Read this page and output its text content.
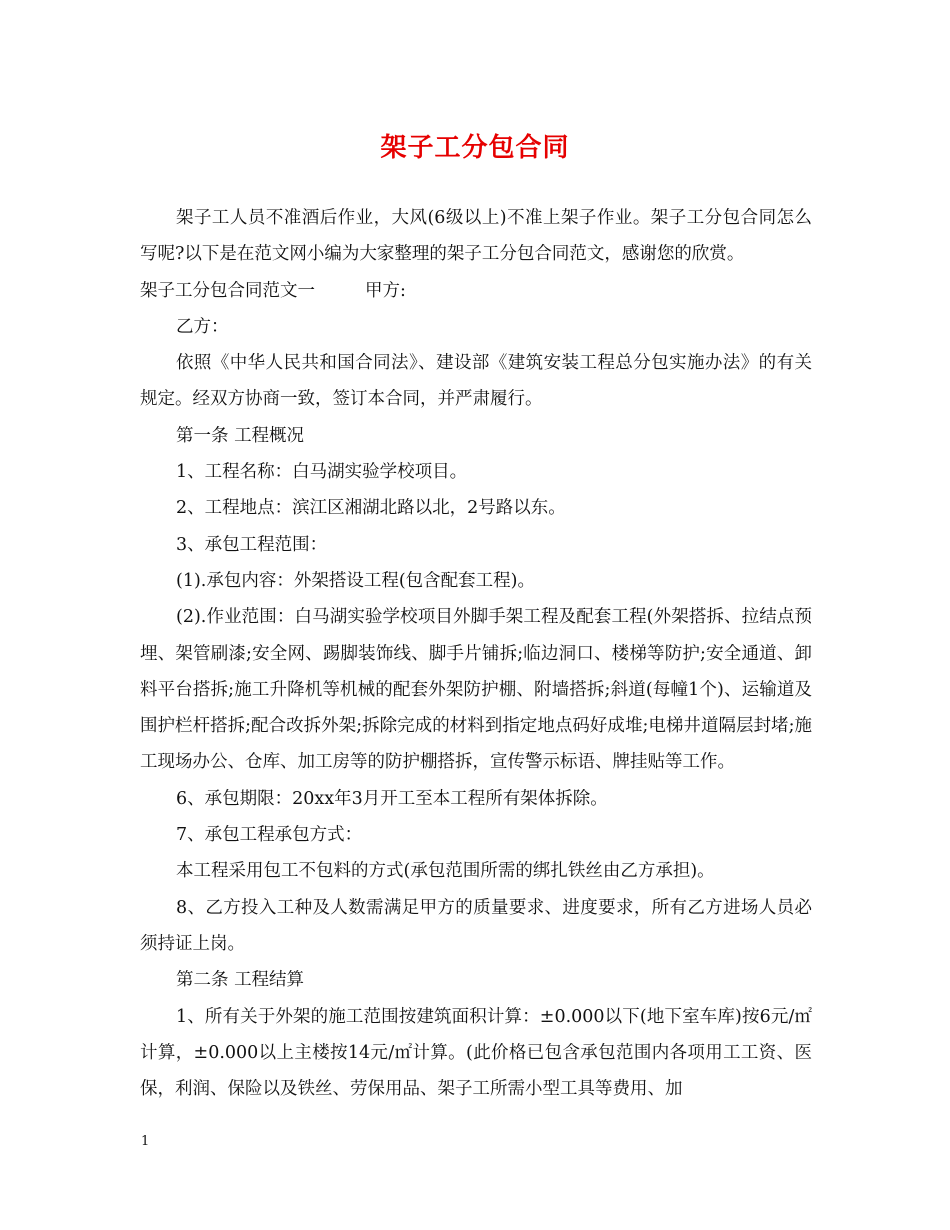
架子工分包合同

架子工人员不准酒后作业，大风(6级以上)不准上架子作业。架子工分包合同怎么写呢?以下是在范文网小编为大家整理的架子工分包合同范文，感谢您的欣赏。

架子工分包合同范文一	甲方:

乙方：

依照《中华人民共和国合同法》、建设部《建筑安装工程总分包实施办法》的有关规定。经双方协商一致，签订本合同，并严肃履行。

第一条 工程概况

1、工程名称：白马湖实验学校项目。

2、工程地点：滨江区湘湖北路以北，2号路以东。

3、承包工程范围：

(1).承包内容：外架搭设工程(包含配套工程)。

(2).作业范围：白马湖实验学校项目外脚手架工程及配套工程(外架搭拆、拉结点预埋、架管刷漆;安全网、踢脚装饰线、脚手片铺拆;临边洞口、楼梯等防护;安全通道、卸料平台搭拆;施工升降机等机械的配套外架防护棚、附墙搭拆;斜道(每幢1个)、运输道及围护栏杆搭拆;配合改拆外架;拆除完成的材料到指定地点码好成堆;电梯井道隔层封堵;施工现场办公、仓库、加工房等的防护棚搭拆，宣传警示标语、牌挂贴等工作。

6、承包期限：20xx年3月开工至本工程所有架体拆除。

7、承包工程承包方式：

本工程采用包工不包料的方式(承包范围所需的绑扎铁丝由乙方承担)。

8、乙方投入工种及人数需满足甲方的质量要求、进度要求，所有乙方进场人员必须持证上岗。

第二条 工程结算

1、所有关于外架的施工范围按建筑面积计算：±0.000以下(地下室车库)按6元/㎡计算，±0.000以上主楼按14元/㎡计算。(此价格已包含承包范围内各项用工工资、医保，利润、保险以及铁丝、劳保用品、架子工所需小型工具等费用、加

1
